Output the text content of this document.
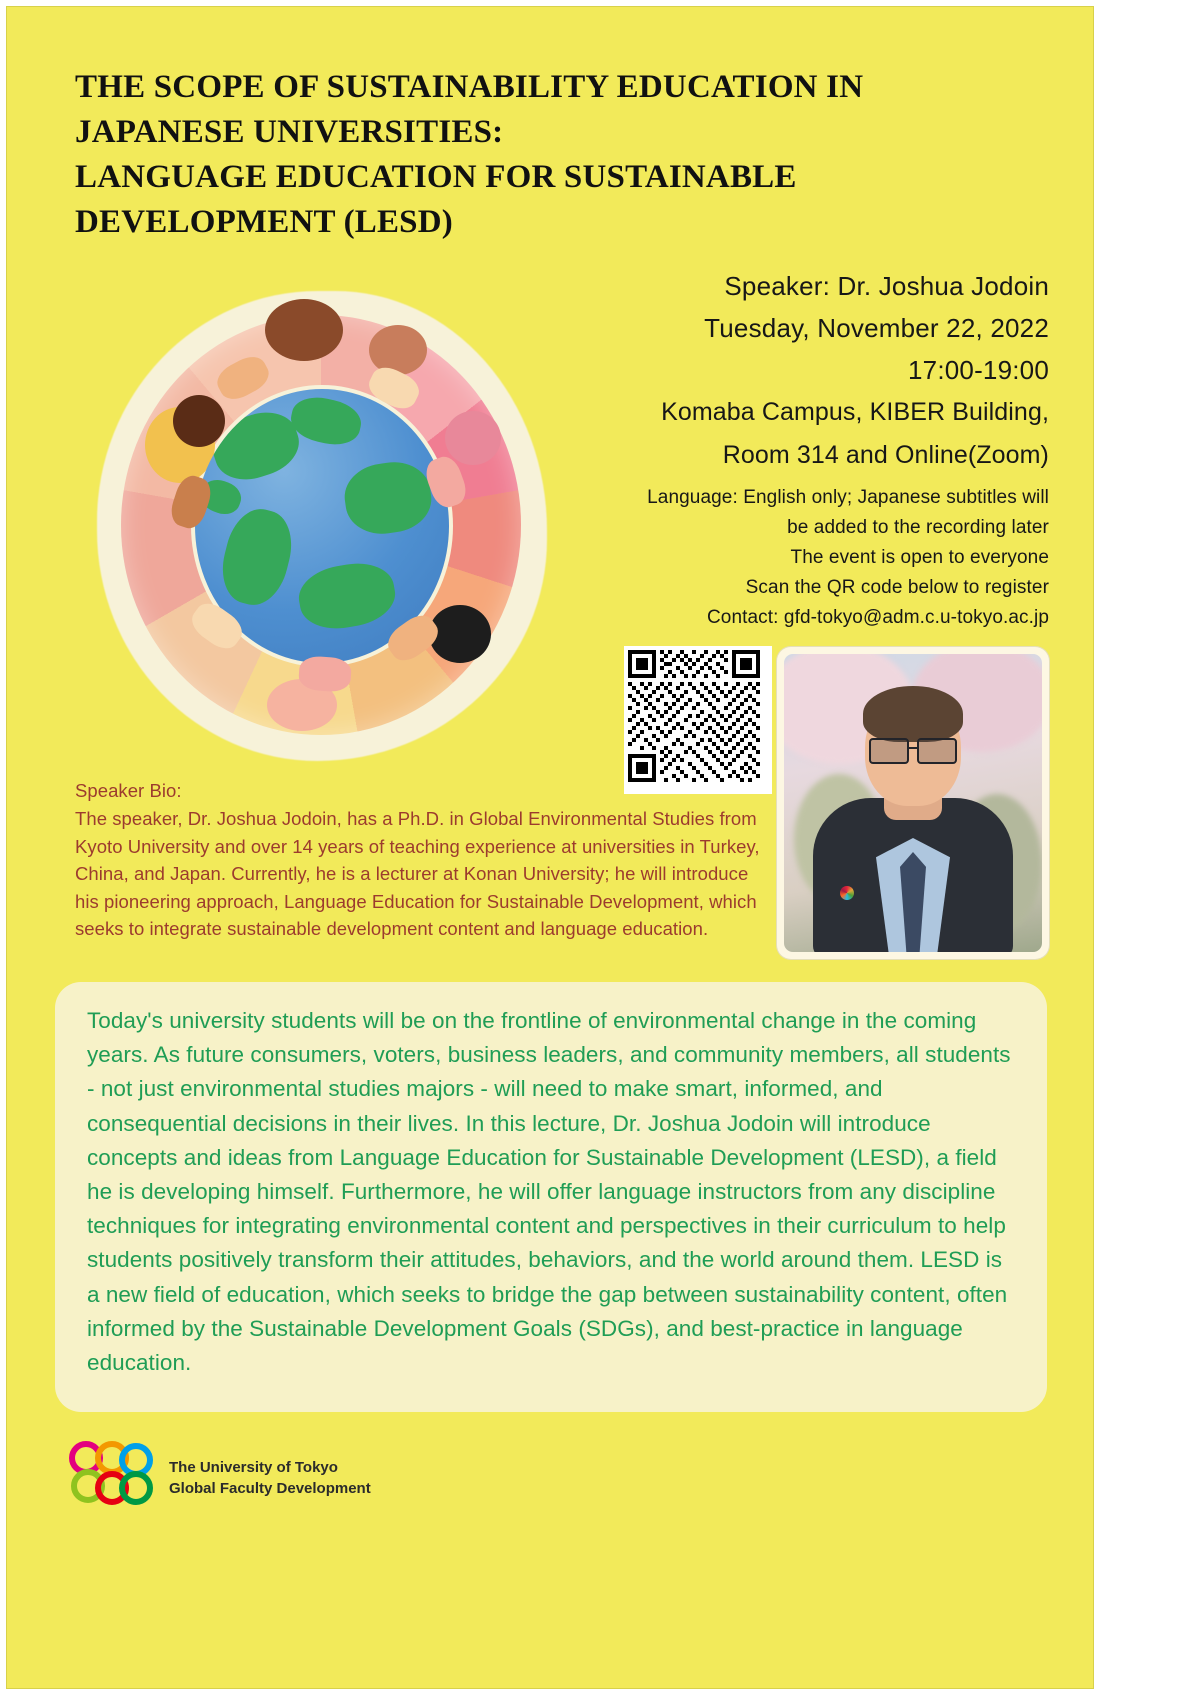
THE SCOPE OF SUSTAINABILITY EDUCATION IN
JAPANESE UNIVERSITIES:
LANGUAGE EDUCATION FOR SUSTAINABLE
DEVELOPMENT (LESD)
Speaker: Dr. Joshua Jodoin
Tuesday, November 22, 2022
17:00-19:00
Komaba Campus, KIBER Building,
Room 314 and Online(Zoom)
Language: English only; Japanese subtitles will
be added to the recording later
The event is open to everyone
Scan the QR code below to register
Contact: gfd-tokyo@adm.c.u-tokyo.ac.jp
Speaker Bio:
The speaker, Dr. Joshua Jodoin, has a Ph.D. in Global Environmental Studies from Kyoto University and over 14 years of teaching experience at universities in Turkey, China, and Japan. Currently, he is a lecturer at Konan University; he will introduce his pioneering approach, Language Education for Sustainable Development, which seeks to integrate sustainable development content and language education.

Today's university students will be on the frontline of environmental change in the coming years. As future consumers, voters, business leaders, and community members, all students - not just environmental studies majors - will need to make smart, informed, and consequential decisions in their lives. In this lecture, Dr. Joshua Jodoin will introduce concepts and ideas from Language Education for Sustainable Development (LESD), a field he is developing himself. Furthermore, he will offer language instructors from any discipline techniques for integrating environmental content and perspectives in their curriculum to help students positively transform their attitudes, behaviors, and the world around them. LESD is a new field of education, which seeks to bridge the gap between sustainability content, often informed by the Sustainable Development Goals (SDGs), and best-practice in language education.

The University of Tokyo
Global Faculty Development
